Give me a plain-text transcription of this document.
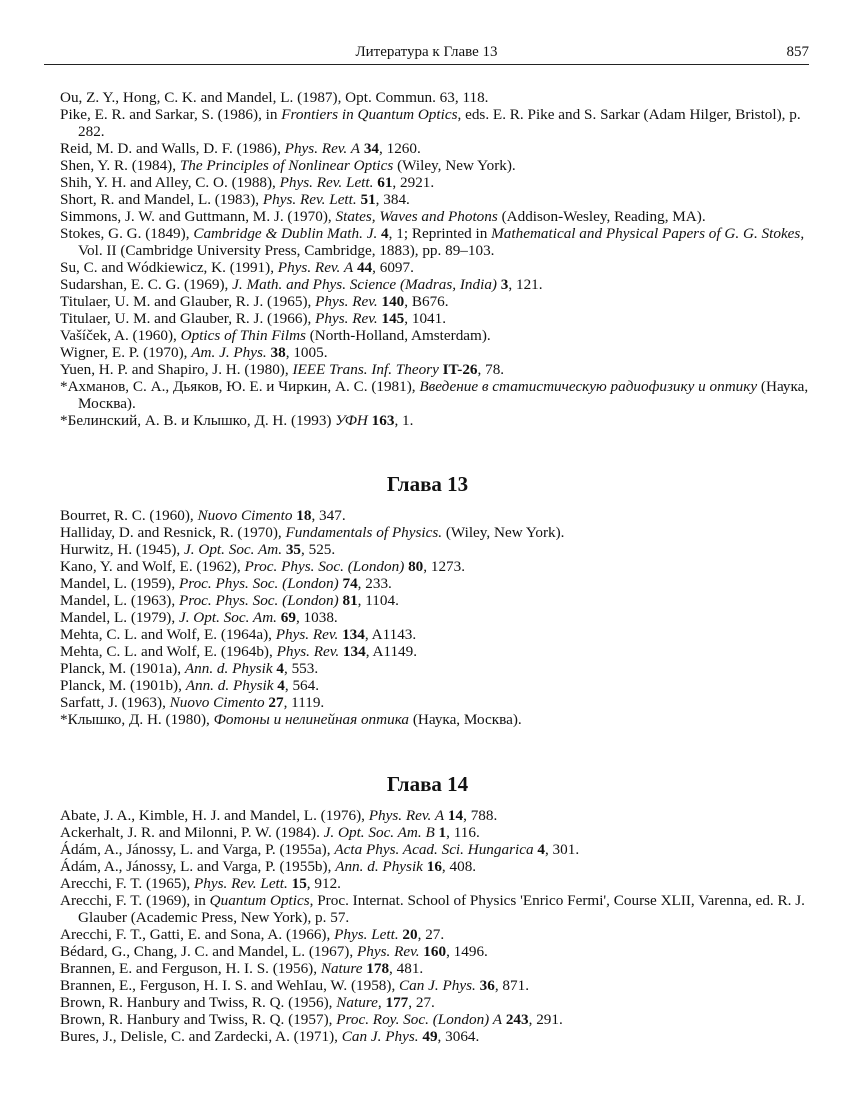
Литература к Главе 13	857

Ou, Z. Y., Hong, C. K. and Mandel, L. (1987), Opt. Commun. 63, 118.

Pike, E. R. and Sarkar, S. (1986), in Frontiers in Quantum Optics, eds. E. R. Pike and S. Sarkar (Adam Hilger, Bristol), p. 282.

Reid, M. D. and Walls, D. F. (1986), Phys. Rev. A 34, 1260.

Shen, Y. R. (1984), The Principles of Nonlinear Optics (Wiley, New York).

Shih, Y. H. and Alley, C. O. (1988), Phys. Rev. Lett. 61, 2921.

Short, R. and Mandel, L. (1983), Phys. Rev. Lett. 51, 384.

Simmons, J. W. and Guttmann, M. J. (1970), States, Waves and Photons (Addison-Wesley, Reading, MA).

Stokes, G. G. (1849), Cambridge & Dublin Math. J. 4, 1; Reprinted in Mathematical and Physical Papers of G. G. Stokes, Vol. II (Cambridge University Press, Cambridge, 1883), pp. 89–103.

Su, C. and Wódkiewicz, K. (1991), Phys. Rev. A 44, 6097.

Sudarshan, E. C. G. (1969), J. Math. and Phys. Science (Madras, India) 3, 121.

Titulaer, U. M. and Glauber, R. J. (1965), Phys. Rev. 140, B676.

Titulaer, U. M. and Glauber, R. J. (1966), Phys. Rev. 145, 1041.

Vašíček, A. (1960), Optics of Thin Films (North-Holland, Amsterdam).

Wigner, E. P. (1970), Am. J. Phys. 38, 1005.

Yuen, H. P. and Shapiro, J. H. (1980), IEEE Trans. Inf. Theory IT-26, 78.

*Ахманов, С. А., Дьяков, Ю. Е. и Чиркин, А. С. (1981), Введение в статистическую радиофизику и оптику (Наука, Москва).

*Белинский, А. В. и Клышко, Д. Н. (1993) УФН 163, 1.

Глава 13

Bourret, R. C. (1960), Nuovo Cimento 18, 347.

Halliday, D. and Resnick, R. (1970), Fundamentals of Physics. (Wiley, New York).

Hurwitz, H. (1945), J. Opt. Soc. Am. 35, 525.

Kano, Y. and Wolf, E. (1962), Proc. Phys. Soc. (London) 80, 1273.

Mandel, L. (1959), Proc. Phys. Soc. (London) 74, 233.

Mandel, L. (1963), Proc. Phys. Soc. (London) 81, 1104.

Mandel, L. (1979), J. Opt. Soc. Am. 69, 1038.

Mehta, C. L. and Wolf, E. (1964a), Phys. Rev. 134, A1143.

Mehta, C. L. and Wolf, E. (1964b), Phys. Rev. 134, A1149.

Planck, M. (1901a), Ann. d. Physik 4, 553.

Planck, M. (1901b), Ann. d. Physik 4, 564.

Sarfatt, J. (1963), Nuovo Cimento 27, 1119.

*Клышко, Д. Н. (1980), Фотоны и нелинейная оптика (Наука, Москва).

Глава 14

Abate, J. A., Kimble, H. J. and Mandel, L. (1976), Phys. Rev. A 14, 788.

Ackerhalt, J. R. and Milonni, P. W. (1984). J. Opt. Soc. Am. B 1, 116.

Ádám, A., Jánossy, L. and Varga, P. (1955a), Acta Phys. Acad. Sci. Hungarica 4, 301.

Ádám, A., Jánossy, L. and Varga, P. (1955b), Ann. d. Physik 16, 408.

Arecchi, F. T. (1965), Phys. Rev. Lett. 15, 912.

Arecchi, F. T. (1969), in Quantum Optics, Proc. Internat. School of Physics 'Enrico Fermi', Course XLII, Varenna, ed. R. J. Glauber (Academic Press, New York), p. 57.

Arecchi, F. T., Gatti, E. and Sona, A. (1966), Phys. Lett. 20, 27.

Bédard, G., Chang, J. C. and Mandel, L. (1967), Phys. Rev. 160, 1496.

Brannen, E. and Ferguson, H. I. S. (1956), Nature 178, 481.

Brannen, E., Ferguson, H. I. S. and WehIau, W. (1958), Can J. Phys. 36, 871.

Brown, R. Hanbury and Twiss, R. Q. (1956), Nature, 177, 27.

Brown, R. Hanbury and Twiss, R. Q. (1957), Proc. Roy. Soc. (London) A 243, 291.

Bures, J., Delisle, C. and Zardecki, A. (1971), Can J. Phys. 49, 3064.
